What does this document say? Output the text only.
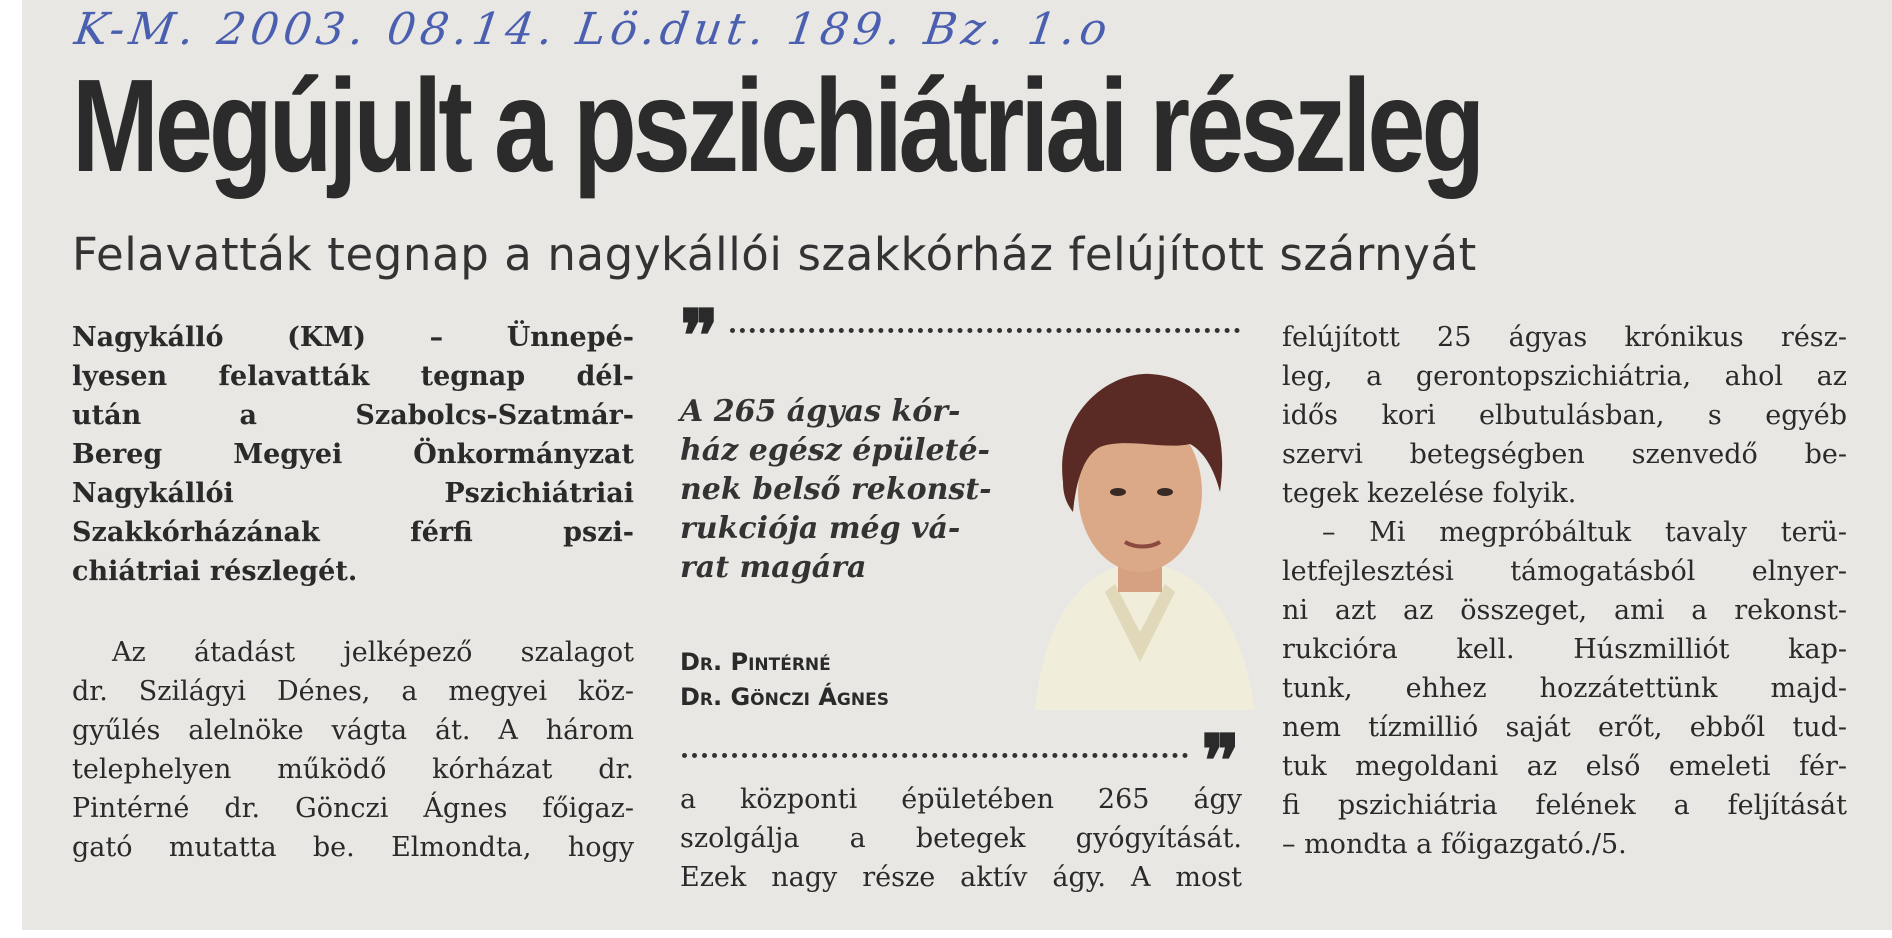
K-M. 2003. 08.14. Lö.dut. 189. Bz. 1.o
Megújult a pszichiátriai részleg
Felavatták tegnap a nagykállói szakkórház felújított szárnyát
Nagykálló (KM) – Ünnepé-
lyesen felavatták tegnap dél-
után a Szabolcs-Szatmár-
Bereg Megyei Önkormányzat
Nagykállói Pszichiátriai
Szakkórházának férfi pszi-
chiátriai részlegét.
Az átadást jelképező szalagot
dr. Szilágyi Dénes, a megyei köz-
gyűlés alelnöke vágta át. A három
telephelyen működő kórházat dr.
Pintérné dr. Gönczi Ágnes főigaz-
gató mutatta be. Elmondta, hogy
❞
A 265 ágyas kór-
ház egész épületé-
nek belső rekonst-
rukciója még vá-
rat magára
Dr. Pintérné
Dr. Gönczi Ágnes
❞
a központi épületében 265 ágy
szolgálja a betegek gyógyítását.
Ezek nagy része aktív ágy. A most
felújított 25 ágyas krónikus rész-
leg, a gerontopszichiátria, ahol az
idős kori elbutulásban, s egyéb
szervi betegségben szenvedő be-
tegek kezelése folyik.
– Mi megpróbáltuk tavaly terü-
letfejlesztési támogatásból elnyer-
ni azt az összeget, ami a rekonst-
rukcióra kell. Húszmilliót kap-
tunk, ehhez hozzátettünk majd-
nem tízmillió saját erőt, ebből tud-
tuk megoldani az első emeleti fér-
fi pszichiátria felének a feljítását
– mondta a főigazgató./5.
